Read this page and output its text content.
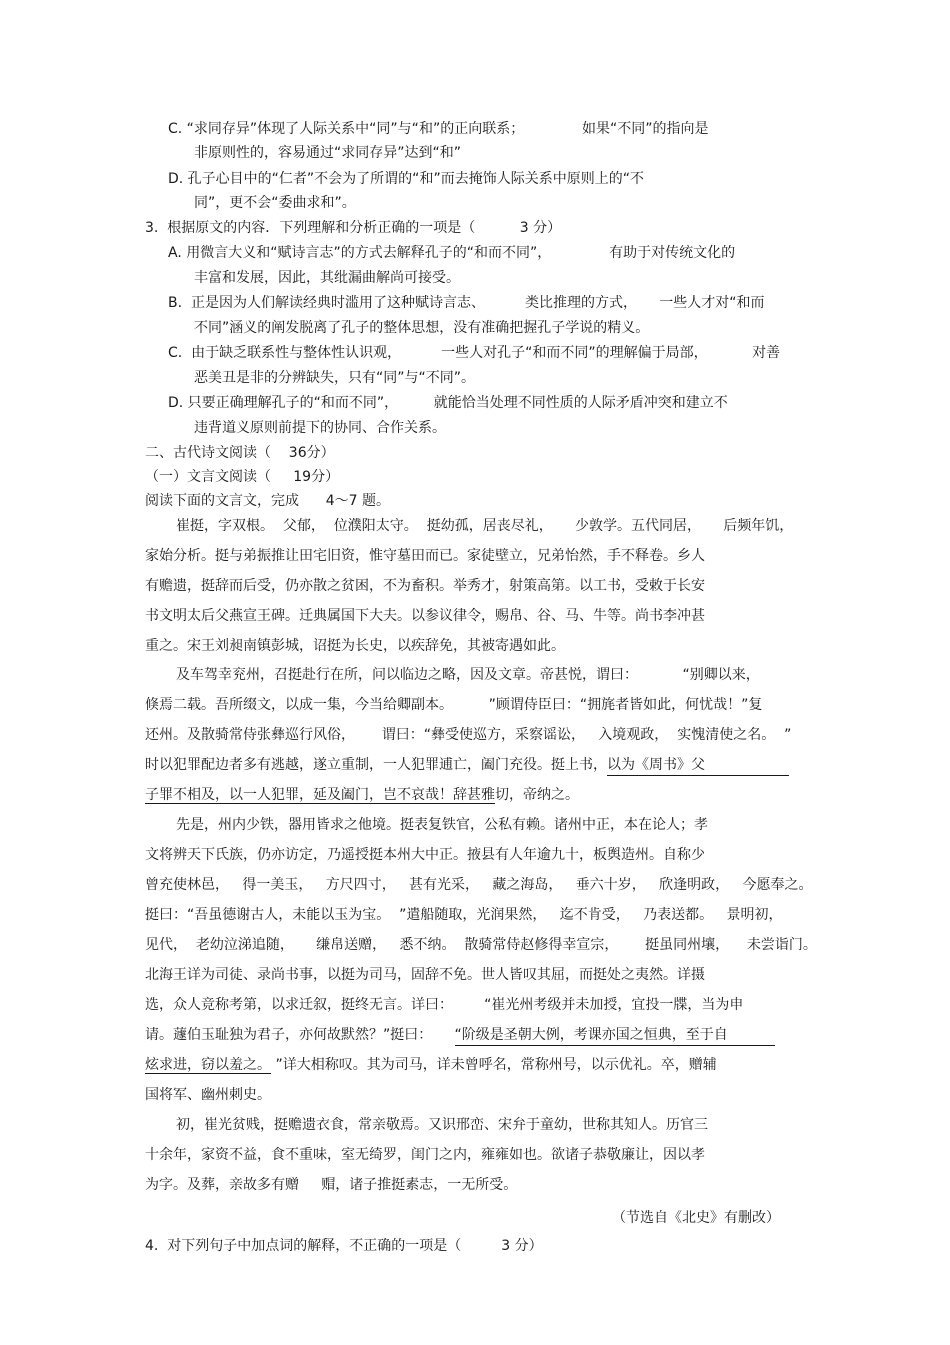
C. “求同存异”体现了人际关系中“同”与“和”的正向联系；             如果“不同”的指向是
非原则性的，容易通过“求同存异”达到“和”
D. 孔子心目中的“仁者”不会为了所谓的“和”而去掩饰人际关系中原则上的“不
同”，更不会“委曲求和”。
3.  根据原文的内容．下列理解和分析正确的一项是（          3 分）
A. 用微言大义和“赋诗言志”的方式去解释孔子的“和而不同”，             有助于对传统文化的
丰富和发展，因此，其纰漏曲解尚可接受。
B.  正是因为人们解读经典时滥用了这种赋诗言志、         类比推理的方式，     一些人才对“和而
不同”涵义的阐发脱离了孔子的整体思想，没有准确把握孔子学说的精义。
C.  由于缺乏联系性与整体性认识观，         一些人对孔子“和而不同”的理解偏于局部，          对善
恶美丑是非的分辨缺失，只有“同”与“不同”。
D. 只要正确理解孔子的“和而不同”，        就能恰当处理不同性质的人际矛盾冲突和建立不
违背道义原则前提下的协同、合作关系。
二、古代诗文阅读（    36分）
（一）文言文阅读（     19分）
阅读下面的文言文，完成      4～7 题。
崔挺，字双根。  父郁，  位濮阳太守。  挺幼孤，居丧尽礼，     少敦学。五代同居，     后频年饥，
家始分析。挺与弟振推让田宅旧资，惟守墓田而已。家徒壁立，兄弟怡然，手不释卷。乡人
有赡遗，挺辞而后受，仍亦散之贫困，不为畜积。举秀才，射策高第。以工书，受敕于长安
书文明太后父燕宣王碑。迁典属国下大夫。以参议律令，赐帛、谷、马、牛等。尚书李冲甚
重之。宋王刘昶南镇彭城，诏挺为长史，以疾辞免，其被寄遇如此。
及车驾幸兖州，召挺赴行在所，问以临边之略，因及文章。帝甚悦，谓曰：          “别卿以来，
倏焉二载。吾所缀文，以成一集，今当给卿副本。        ”顾谓侍臣曰：“拥旄者皆如此，何忧哉！”复
还州。及散骑常侍张彝巡行风俗，      谓曰：“彝受使巡方，采察谣讼，   入境观政，  实愧清使之名。  ”
时以犯罪配边者多有逃越，遂立重制，一人犯罪逋亡，阖门充役。挺上书，以为《周书》父
子罪不相及，以一人犯罪，延及阖门，岂不哀哉！辞甚雅切，帝纳之。
先是，州内少铁，器用皆求之他境。挺表复铁官，公私有赖。诸州中正，本在论人；孝
文将辨天下氏族，仍亦访定，乃遥授挺本州大中正。掖县有人年逾九十，板舆造州。自称少
曾充使林邑，   得一美玉，   方尺四寸，   甚有光采，   藏之海岛，   垂六十岁，   欣逢明政，   今愿奉之。
挺曰：“吾虽德谢古人，未能以玉为宝。  ”遣船随取，光润果然，   迄不肯受，   乃表送都。   景明初，
见代，  老幼泣涕追随，     缣帛送赠，   悉不纳。  散骑常侍赵修得幸宣宗，      挺虽同州壤，    未尝诣门。
北海王详为司徒、录尚书事，以挺为司马，固辞不免。世人皆叹其屈，而挺处之夷然。详摄
选，众人竞称考第，以求迁叙，挺终无言。详曰：       “崔光州考级并未加授，宜投一牒，当为申
请。蘧伯玉耻独为君子，亦何故默然？”挺曰：     “阶级是圣朝大例，考课亦国之恒典，至于自
炫求进，窃以羞之。 ”详大相称叹。其为司马，详未曾呼名，常称州号，以示优礼。卒，赠辅
国将军、幽州刺史。
初，崔光贫贱，挺赡遗衣食，常亲敬焉。又识邢峦、宋弁于童幼，世称其知人。历官三
十余年，家资不益，食不重味，室无绮罗，闺门之内，雍雍如也。欲诸子恭敬廉让，因以孝
为字。及葬，亲故多有赠     赗，诸子推挺素志，一无所受。
（节选自《北史》有删改）
4.  对下列句子中加点词的解释，不正确的一项是（         3 分）
